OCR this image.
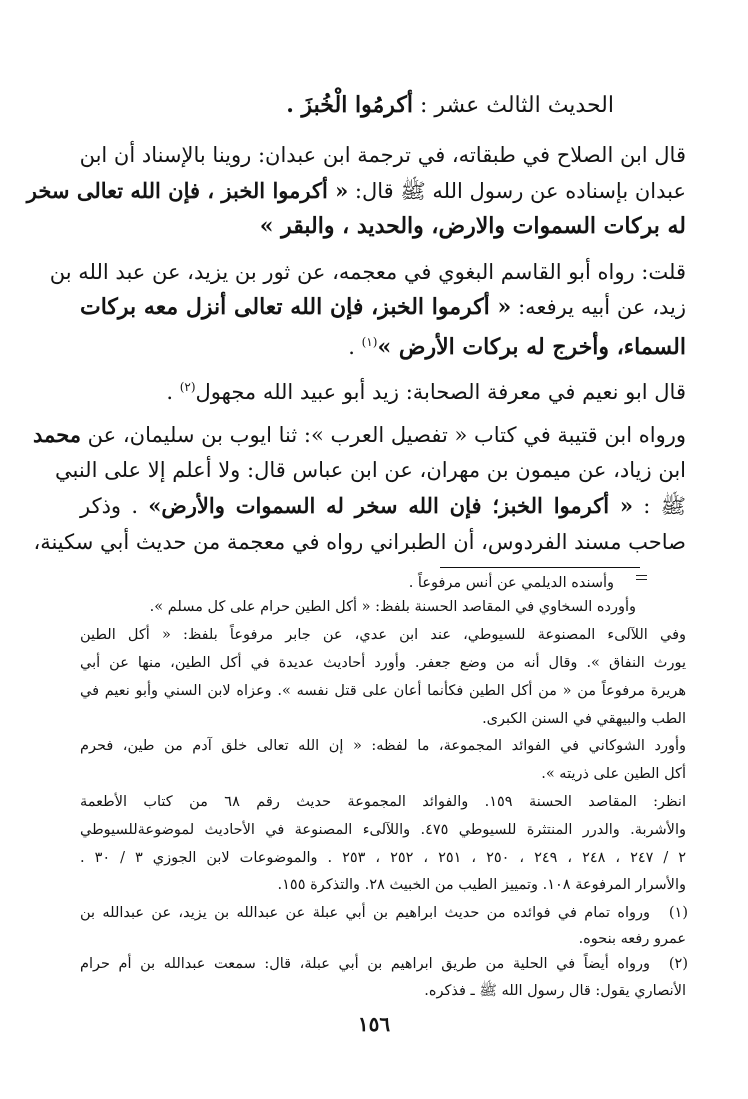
الحديث الثالث عشر : أكرمُوا الْخُبزَ .

قال ابن الصلاح في طبقاته، في ترجمة ابن عبدان: روينا بالإسناد أن ابن

عبدان بإسناده عن رسول الله ﷺ قال: « أكرموا الخبز ، فإن الله تعالى سخر

له بركات السموات والارض، والحديد ، والبقر »

قلت: رواه أبو القاسم البغوي في معجمه، عن ثور بن يزيد، عن عبد الله بن

زيد، عن أبيه يرفعه: « أكرموا الخبز، فإن الله تعالى أنزل معه بركات

السماء، وأخرج له بركات الأرض »$^{(١)}$ .

قال ابو نعيم في معرفة الصحابة: زيد أبو عبيد الله مجهول$^{(٢)}$ .

ورواه ابن قتيبة في كتاب « تفصيل العرب »: ثنا ايوب بن سليمان، عن محمد

ابن زياد، عن ميمون بن مهران، عن ابن عباس قال: ولا أعلم إلا على النبي

ﷺ : « أكرموا الخبز؛ فإن الله سخر له السموات والأرض» . وذكر

صاحب مسند الفردوس، أن الطبراني رواه في معجمة من حديث أبي سكينة،

وأسنده الديلمي عن أنس مرفوعاً .

وأورده السخاوي في المقاصد الحسنة بلفظ: « أكل الطين حرام على كل مسلم ».

وفي اللآلىء المصنوعة للسيوطي، عند ابن عدي، عن جابر مرفوعاً بلفظ: « أكل الطين

يورث النفاق ». وقال أنه من وضع جعفر. وأورد أحاديث عديدة في أكل الطين، منها عن أبي

هريرة مرفوعاً من « من أكل الطين فكأنما أعان على قتل نفسه ». وعزاه لابن السني وأبو نعيم في

الطب والبيهقي في السنن الكبرى.

وأورد الشوكاني في الفوائد المجموعة، ما لفظه: « إن الله تعالى خلق آدم من طين، فحرم

أكل الطين على ذريته ».

انظر: المقاصد الحسنة ١٥٩. والفوائد المجموعة حديث رقم ٦٨ من كتاب الأطعمة

والأشربة. والدرر المنتثرة للسيوطي ٤٧٥. واللآلىء المصنوعة في الأحاديث لموضوعةللسيوطي

٢ / ٢٤٧ ، ٢٤٨ ، ٢٤٩ ، ٢٥٠ ، ٢٥١ ، ٢٥٢ ، ٢٥٣ . والموضوعات لابن الجوزي ٣ / ٣٠ .

والأسرار المرفوعة ١٠٨. وتمييز الطيب من الخبيث ٢٨. والتذكرة ١٥٥.

(١)

ورواه تمام في فوائده من حديث ابراهيم بن أبي عبلة عن عبدالله بن يزيد، عن عبدالله بن

عمرو رفعه بنحوه.

(٢)

ورواه أيضاً في الحلية من طريق ابراهيم بن أبي عبلة، قال: سمعت عبدالله بن أم حرام

الأنصاري يقول: قال رسول الله ﷺ ـ فذكره.

١٥٦
